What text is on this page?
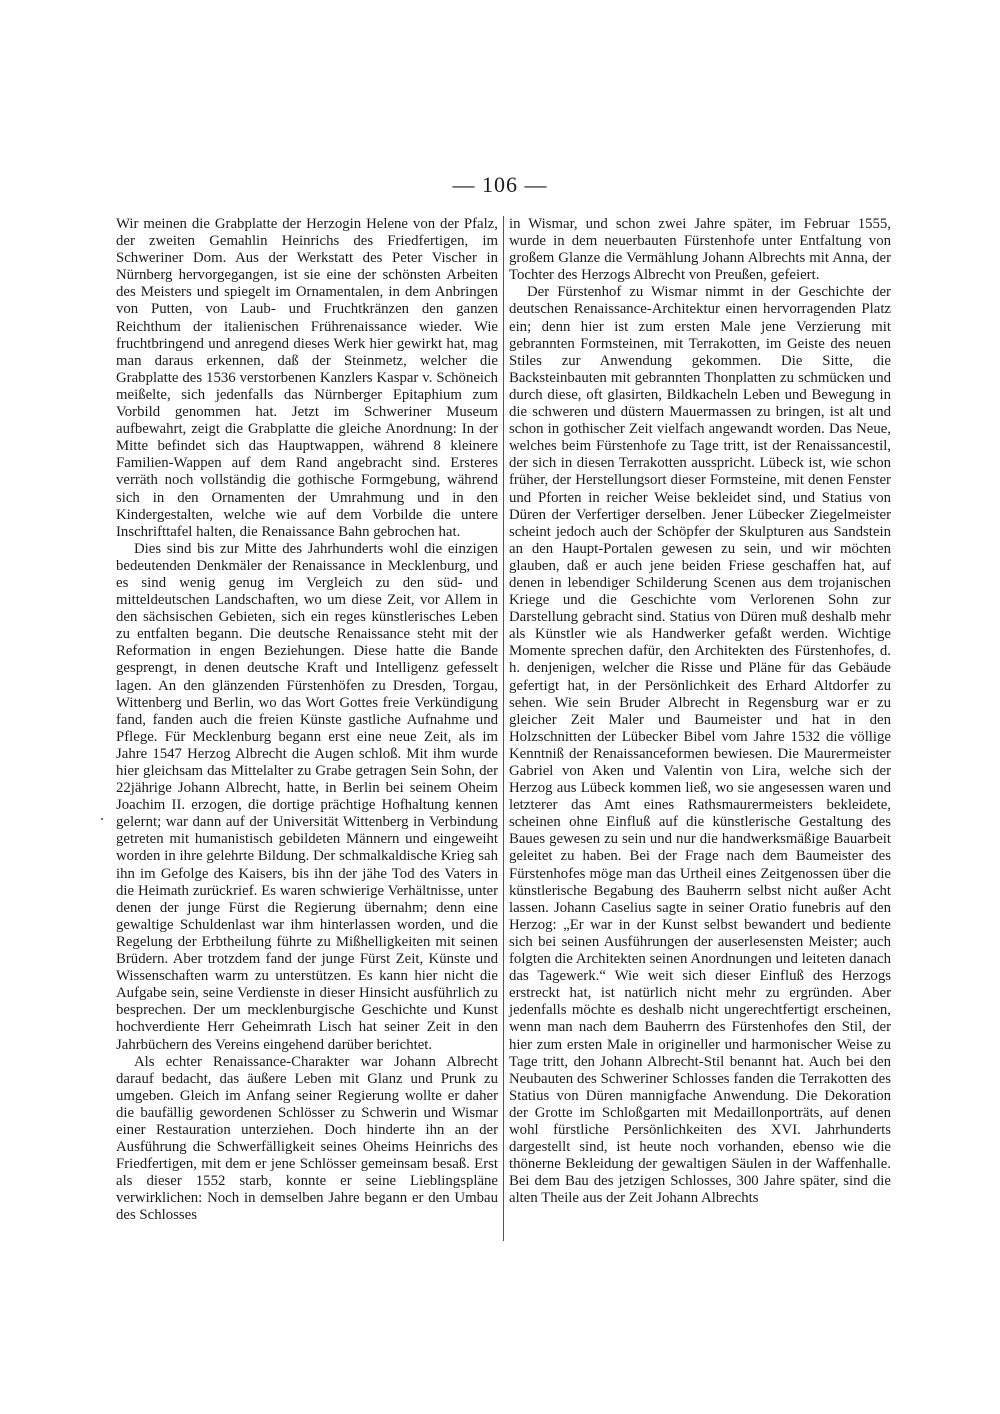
— 106 —

Wir meinen die Grabplatte der Herzogin Helene von der Pfalz, der zweiten Gemahlin Heinrichs des Friedfertigen, im Schweriner Dom. Aus der Werkstatt des Peter Vischer in Nürnberg hervorgegangen, ist sie eine der schönsten Arbeiten des Meisters und spiegelt im Ornamentalen, in dem Anbringen von Putten, von Laub- und Fruchtkränzen den ganzen Reichthum der italienischen Frührenaissance wieder. Wie fruchtbringend und anregend dieses Werk hier gewirkt hat, mag man daraus erkennen, daß der Steinmetz, welcher die Grabplatte des 1536 verstorbenen Kanzlers Kaspar v. Schöneich meißelte, sich jedenfalls das Nürnberger Epitaphium zum Vorbild genommen hat. Jetzt im Schweriner Museum aufbewahrt, zeigt die Grabplatte die gleiche Anordnung: In der Mitte befindet sich das Hauptwappen, während 8 kleinere Familien-Wappen auf dem Rand angebracht sind. Ersteres verräth noch vollständig die gothische Formgebung, während sich in den Ornamenten der Umrahmung und in den Kindergestalten, welche wie auf dem Vorbilde die untere Inschrifttafel halten, die Renaissance Bahn gebrochen hat.

Dies sind bis zur Mitte des Jahrhunderts wohl die einzigen bedeutenden Denkmäler der Renaissance in Mecklenburg, und es sind wenig genug im Vergleich zu den süd- und mitteldeutschen Landschaften, wo um diese Zeit, vor Allem in den sächsischen Gebieten, sich ein reges künstlerisches Leben zu entfalten begann. Die deutsche Renaissance steht mit der Reformation in engen Beziehungen. Diese hatte die Bande gesprengt, in denen deutsche Kraft und Intelligenz gefesselt lagen. An den glänzenden Fürstenhöfen zu Dresden, Torgau, Wittenberg und Berlin, wo das Wort Gottes freie Verkündigung fand, fanden auch die freien Künste gastliche Aufnahme und Pflege. Für Mecklenburg begann erst eine neue Zeit, als im Jahre 1547 Herzog Albrecht die Augen schloß. Mit ihm wurde hier gleichsam das Mittelalter zu Grabe getragen Sein Sohn, der 22jährige Johann Albrecht, hatte, in Berlin bei seinem Oheim Joachim II. erzogen, die dortige prächtige Hofhaltung kennen gelernt; war dann auf der Universität Wittenberg in Verbindung getreten mit humanistisch gebildeten Männern und eingeweiht worden in ihre gelehrte Bildung. Der schmalkaldische Krieg sah ihn im Gefolge des Kaisers, bis ihn der jähe Tod des Vaters in die Heimath zurückrief. Es waren schwierige Verhältnisse, unter denen der junge Fürst die Regierung übernahm; denn eine gewaltige Schuldenlast war ihm hinterlassen worden, und die Regelung der Erbtheilung führte zu Mißhelligkeiten mit seinen Brüdern. Aber trotzdem fand der junge Fürst Zeit, Künste und Wissenschaften warm zu unterstützen. Es kann hier nicht die Aufgabe sein, seine Verdienste in dieser Hinsicht ausführlich zu besprechen. Der um mecklenburgische Geschichte und Kunst hochverdiente Herr Geheimrath Lisch hat seiner Zeit in den Jahrbüchern des Vereins eingehend darüber berichtet.

Als echter Renaissance-Charakter war Johann Albrecht darauf bedacht, das äußere Leben mit Glanz und Prunk zu umgeben. Gleich im Anfang seiner Regierung wollte er daher die baufällig gewordenen Schlösser zu Schwerin und Wismar einer Restauration unterziehen. Doch hinderte ihn an der Ausführung die Schwerfälligkeit seines Oheims Heinrichs des Friedfertigen, mit dem er jene Schlösser gemeinsam besaß. Erst als dieser 1552 starb, konnte er seine Lieblingspläne verwirklichen: Noch in demselben Jahre begann er den Umbau des Schlosses

in Wismar, und schon zwei Jahre später, im Februar 1555, wurde in dem neuerbauten Fürstenhofe unter Entfaltung von großem Glanze die Vermählung Johann Albrechts mit Anna, der Tochter des Herzogs Albrecht von Preußen, gefeiert.

Der Fürstenhof zu Wismar nimmt in der Geschichte der deutschen Renaissance-Architektur einen hervorragenden Platz ein; denn hier ist zum ersten Male jene Verzierung mit gebrannten Formsteinen, mit Terrakotten, im Geiste des neuen Stiles zur Anwendung gekommen. Die Sitte, die Backsteinbauten mit gebrannten Thonplatten zu schmücken und durch diese, oft glasirten, Bildkacheln Leben und Bewegung in die schweren und düstern Mauermassen zu bringen, ist alt und schon in gothischer Zeit vielfach angewandt worden. Das Neue, welches beim Fürstenhofe zu Tage tritt, ist der Renaissancestil, der sich in diesen Terrakotten ausspricht. Lübeck ist, wie schon früher, der Herstellungsort dieser Formsteine, mit denen Fenster und Pforten in reicher Weise bekleidet sind, und Statius von Düren der Verfertiger derselben. Jener Lübecker Ziegelmeister scheint jedoch auch der Schöpfer der Skulpturen aus Sandstein an den Haupt-Portalen gewesen zu sein, und wir möchten glauben, daß er auch jene beiden Friese geschaffen hat, auf denen in lebendiger Schilderung Scenen aus dem trojanischen Kriege und die Geschichte vom Verlorenen Sohn zur Darstellung gebracht sind. Statius von Düren muß deshalb mehr als Künstler wie als Handwerker gefaßt werden. Wichtige Momente sprechen dafür, den Architekten des Fürstenhofes, d. h. denjenigen, welcher die Risse und Pläne für das Gebäude gefertigt hat, in der Persönlichkeit des Erhard Altdorfer zu sehen. Wie sein Bruder Albrecht in Regensburg war er zu gleicher Zeit Maler und Baumeister und hat in den Holzschnitten der Lübecker Bibel vom Jahre 1532 die völlige Kenntniß der Renaissanceformen bewiesen. Die Maurermeister Gabriel von Aken und Valentin von Lira, welche sich der Herzog aus Lübeck kommen ließ, wo sie angesessen waren und letzterer das Amt eines Rathsmaurermeisters bekleidete, scheinen ohne Einfluß auf die künstlerische Gestaltung des Baues gewesen zu sein und nur die handwerksmäßige Bauarbeit geleitet zu haben. Bei der Frage nach dem Baumeister des Fürstenhofes möge man das Urtheil eines Zeitgenossen über die künstlerische Begabung des Bauherrn selbst nicht außer Acht lassen. Johann Caselius sagte in seiner Oratio funebris auf den Herzog: „Er war in der Kunst selbst bewandert und bediente sich bei seinen Ausführungen der auserlesensten Meister; auch folgten die Architekten seinen Anordnungen und leiteten danach das Tagewerk.“ Wie weit sich dieser Einfluß des Herzogs erstreckt hat, ist natürlich nicht mehr zu ergründen. Aber jedenfalls möchte es deshalb nicht ungerechtfertigt erscheinen, wenn man nach dem Bauherrn des Fürstenhofes den Stil, der hier zum ersten Male in origineller und harmonischer Weise zu Tage tritt, den Johann Albrecht-Stil benannt hat. Auch bei den Neubauten des Schweriner Schlosses fanden die Terrakotten des Statius von Düren mannigfache Anwendung. Die Dekoration der Grotte im Schloßgarten mit Medaillonporträts, auf denen wohl fürstliche Persönlichkeiten des XVI. Jahrhunderts dargestellt sind, ist heute noch vorhanden, ebenso wie die thönerne Bekleidung der gewaltigen Säulen in der Waffenhalle. Bei dem Bau des jetzigen Schlosses, 300 Jahre später, sind die alten Theile aus der Zeit Johann Albrechts
